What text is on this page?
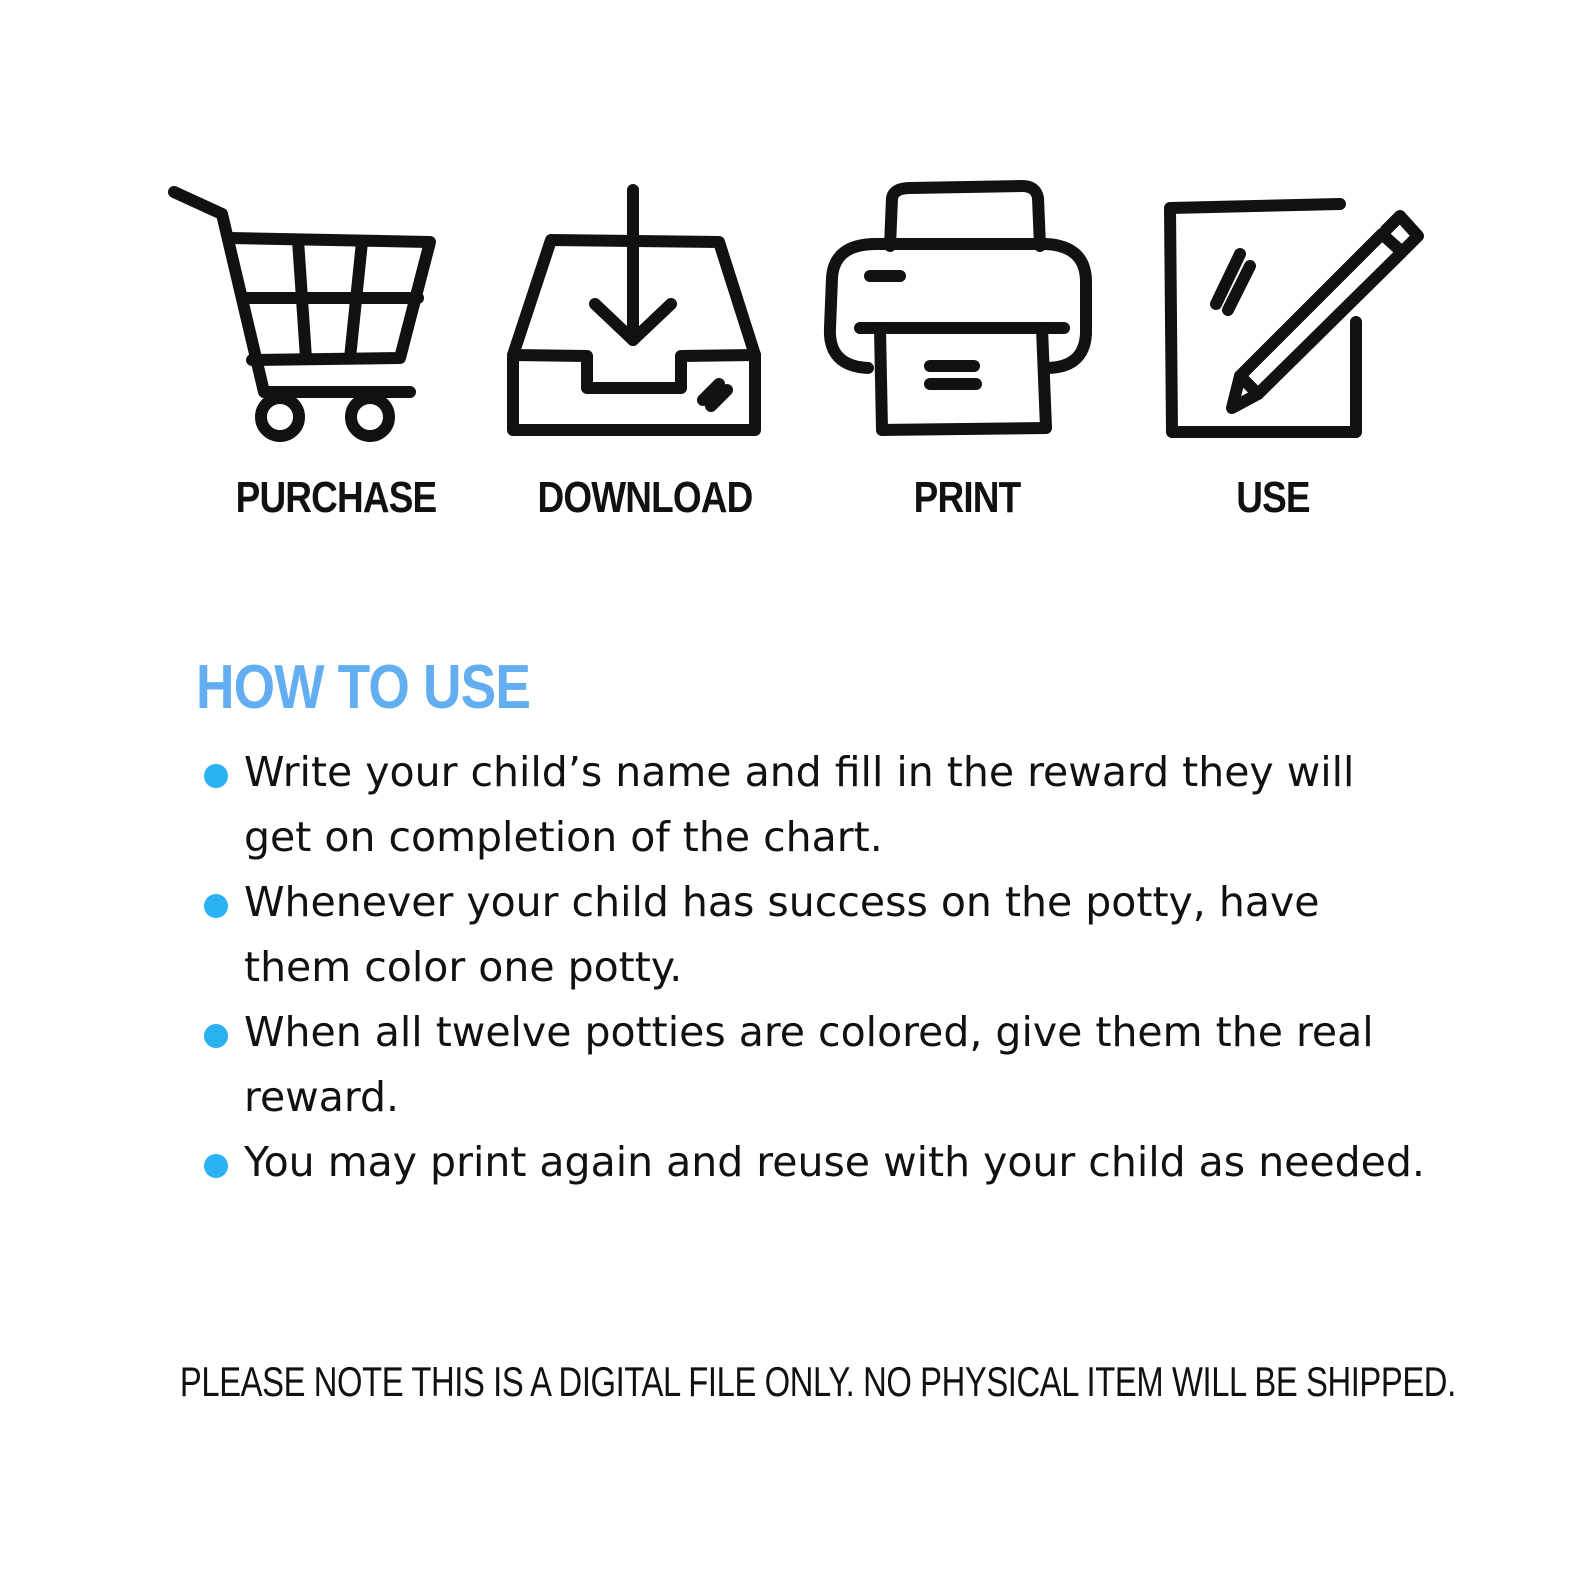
PURCHASE DOWNLOAD	PRINT	USE
HOW TO USE
Write your child’s name and fill in the reward they will get on completion of the chart.
Whenever your child has success on the potty, have them color one potty.
When all twelve potties are colored, give them the real reward.
You may print again and reuse with your child as needed.
PLEASE NOTE THIS IS A DIGITAL FILE ONLY. NO PHYSICAL ITEM WILL BE SHIPPED.
